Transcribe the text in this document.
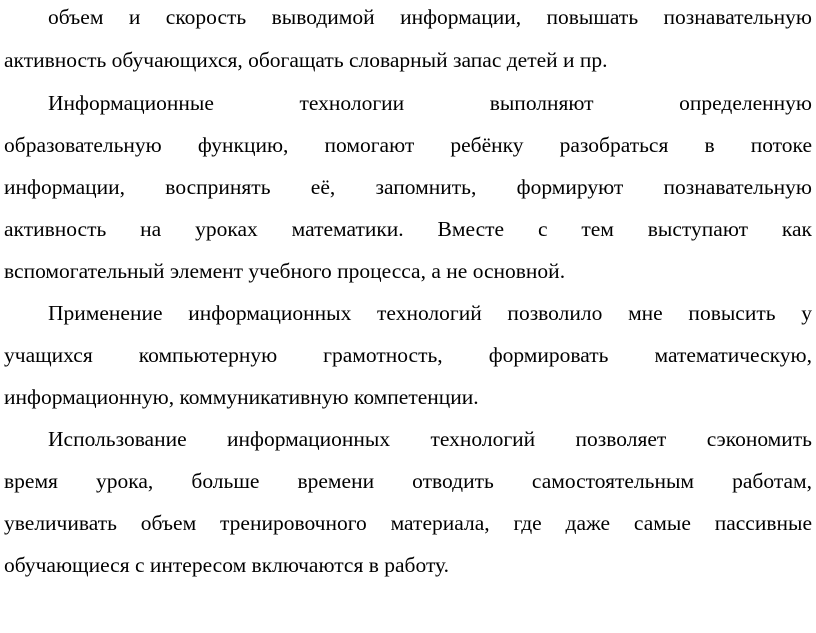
объем и скорость выводимой информации, повышать познавательную
активность обучающихся, обогащать словарный запас детей и пр.
Информационные технологии выполняют определенную
образовательную функцию, помогают ребёнку разобраться в потоке
информации, воспринять её, запомнить, формируют познавательную
активность на уроках математики. Вместе с тем выступают как
вспомогательный элемент учебного процесса, а не основной.
Применение информационных технологий позволило мне повысить у
учащихся компьютерную грамотность, формировать математическую,
информационную, коммуникативную компетенции.
Использование информационных технологий позволяет сэкономить
время урока, больше времени отводить самостоятельным работам,
увеличивать объем тренировочного материала, где даже самые пассивные
обучающиеся с интересом включаются в работу.
